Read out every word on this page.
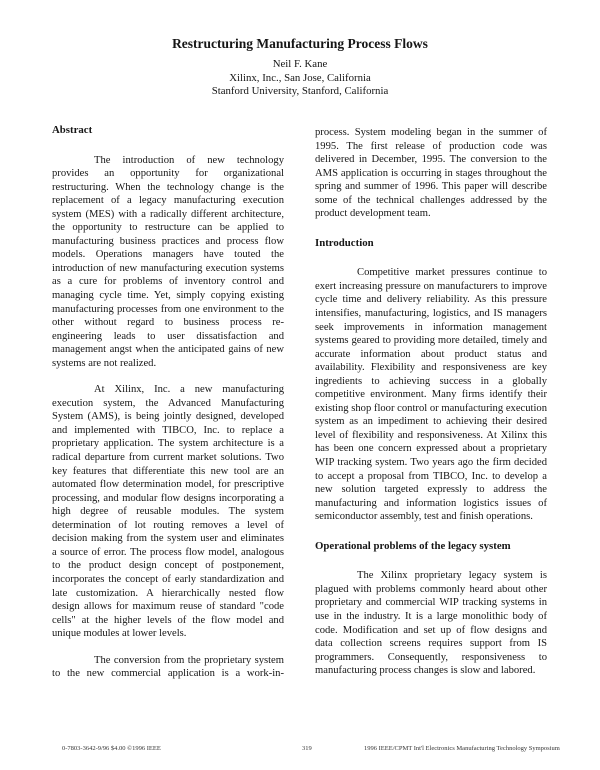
Restructuring Manufacturing Process Flows
Neil F. Kane
Xilinx, Inc., San Jose, California
Stanford University, Stanford, California
Abstract

The introduction of new technology provides an opportunity for organizational restructuring. When the technology change is the replacement of a legacy manufacturing execution system (MES) with a radically different architecture, the opportunity to restructure can be applied to manufacturing business practices and process flow models. Operations managers have touted the introduction of new manufacturing execution systems as a cure for problems of inventory control and managing cycle time. Yet, simply copying existing manufacturing processes from one environment to the other without regard to business process re-engineering leads to user dissatisfaction and management angst when the anticipated gains of new systems are not realized.

At Xilinx, Inc. a new manufacturing execution system, the Advanced Manufacturing System (AMS), is being jointly designed, developed and implemented with TIBCO, Inc. to replace a proprietary application. The system architecture is a radical departure from current market solutions. Two key features that differentiate this new tool are an automated flow determination model, for prescriptive processing, and modular flow designs incorporating a high degree of reusable modules. The system determination of lot routing removes a level of decision making from the system user and eliminates a source of error. The process flow model, analogous to the product design concept of postponement, incorporates the concept of early standardization and late customization. A hierarchically nested flow design allows for maximum reuse of standard "code cells" at the higher levels of the flow model and unique modules at lower levels.

The conversion from the proprietary system to the new commercial application is a work-in-

process. System modeling began in the summer of 1995. The first release of production code was delivered in December, 1995. The conversion to the AMS application is occurring in stages throughout the spring and summer of 1996. This paper will describe some of the technical challenges addressed by the product development team.

Introduction

Competitive market pressures continue to exert increasing pressure on manufacturers to improve cycle time and delivery reliability. As this pressure intensifies, manufacturing, logistics, and IS managers seek improvements in information management systems geared to providing more detailed, timely and accurate information about product status and availability. Flexibility and responsiveness are key ingredients to achieving success in a globally competitive environment. Many firms identify their existing shop floor control or manufacturing execution system as an impediment to achieving their desired level of flexibility and responsiveness. At Xilinx this has been one concern expressed about a proprietary WIP tracking system. Two years ago the firm decided to accept a proposal from TIBCO, Inc. to develop a new solution targeted expressly to address the manufacturing and information logistics issues of semiconductor assembly, test and finish operations.

Operational problems of the legacy system

The Xilinx proprietary legacy system is plagued with problems commonly heard about other proprietary and commercial WIP tracking systems in use in the industry. It is a large monolithic body of code. Modification and set up of flow designs and data collection screens requires support from IS programmers. Consequently, responsiveness to manufacturing process changes is slow and labored.

0-7803-3642-9/96 $4.00 ©1996 IEEE	319	1996 IEEE/CPMT Int'l Electronics Manufacturing Technology Symposium
